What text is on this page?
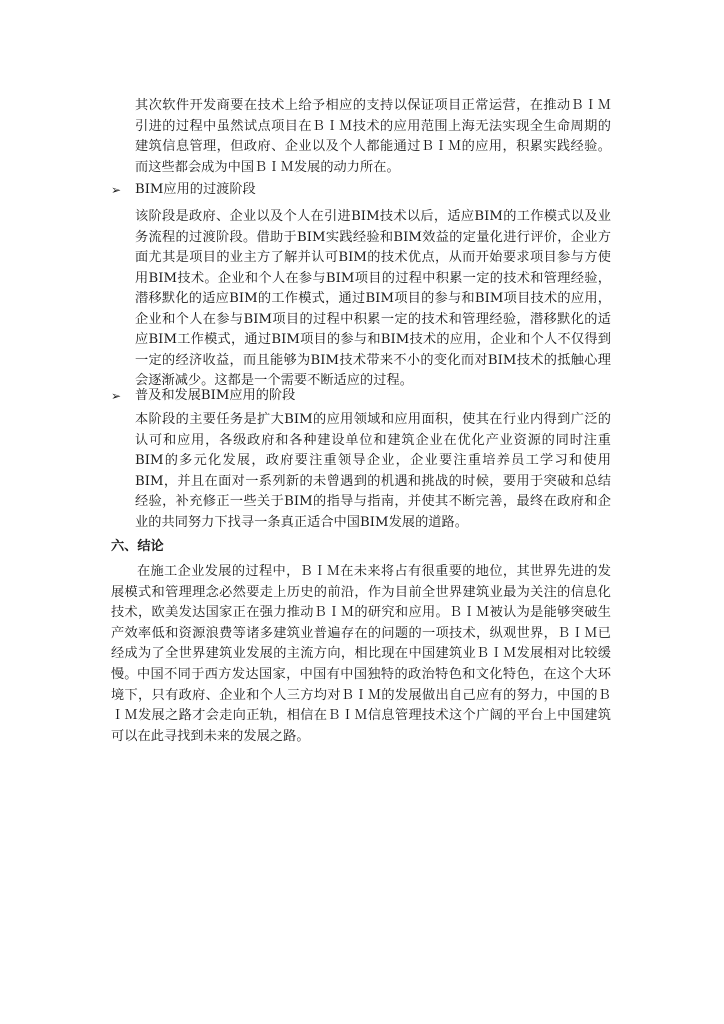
其次软件开发商要在技术上给予相应的支持以保证项目正常运营，在推动ＢＩＭ引进的过程中虽然试点项目在ＢＩＭ技术的应用范围上海无法实现全生命周期的建筑信息管理，但政府、企业以及个人都能通过ＢＩＭ的应用，积累实践经验。而这些都会成为中国ＢＩＭ发展的动力所在。

➢ BIM应用的过渡阶段

该阶段是政府、企业以及个人在引进BIM技术以后，适应BIM的工作模式以及业务流程的过渡阶段。借助于BIM实践经验和BIM效益的定量化进行评价，企业方面尤其是项目的业主方了解并认可BIM的技术优点，从而开始要求项目参与方使用BIM技术。企业和个人在参与BIM项目的过程中积累一定的技术和管理经验，潜移默化的适应BIM的工作模式，通过BIM项目的参与和BIM项目技术的应用，企业和个人在参与BIM项目的过程中积累一定的技术和管理经验，潜移默化的适应BIM工作模式，通过BIM项目的参与和BIM技术的应用，企业和个人不仅得到一定的经济收益，而且能够为BIM技术带来不小的变化而对BIM技术的抵触心理会逐渐减少。这都是一个需要不断适应的过程。

➢ 普及和发展BIM应用的阶段

本阶段的主要任务是扩大BIM的应用领域和应用面积，使其在行业内得到广泛的认可和应用，各级政府和各种建设单位和建筑企业在优化产业资源的同时注重BIM的多元化发展，政府要注重领导企业，企业要注重培养员工学习和使用BIM，并且在面对一系列新的未曾遇到的机遇和挑战的时候，要用于突破和总结经验，补充修正一些关于BIM的指导与指南，并使其不断完善，最终在政府和企业的共同努力下找寻一条真正适合中国BIM发展的道路。

六、结论

在施工企业发展的过程中，ＢＩＭ在未来将占有很重要的地位，其世界先进的发展模式和管理理念必然要走上历史的前沿，作为目前全世界建筑业最为关注的信息化技术，欧美发达国家正在强力推动ＢＩＭ的研究和应用。ＢＩＭ被认为是能够突破生产效率低和资源浪费等诸多建筑业普遍存在的问题的一项技术，纵观世界，ＢＩＭ已经成为了全世界建筑业发展的主流方向，相比现在中国建筑业ＢＩＭ发展相对比较缓慢。 中国不同于西方发达国家，中国有中国独特的政治特色和文化特色，在这个大环境下，只有政府、企业和个人三方均对ＢＩＭ的发展做出自己应有的努力，中国的ＢＩＭ发展之路才会走向正轨，相信在ＢＩＭ信息管理技术这个广阔的平台上中国建筑可以在此寻找到未来的发展之路。
